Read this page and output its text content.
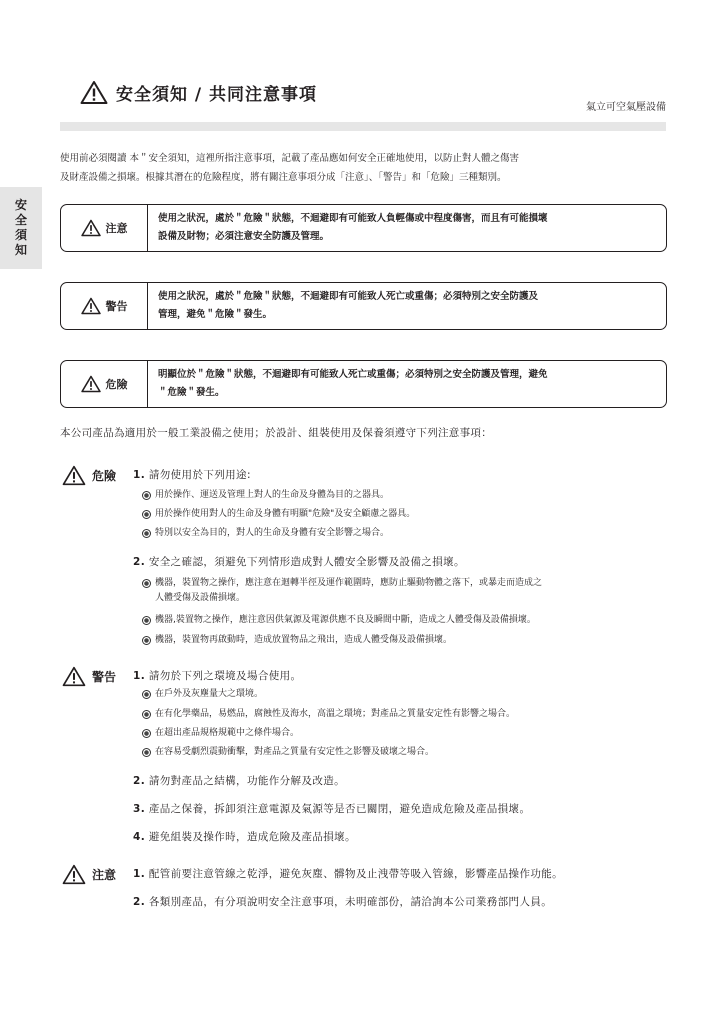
安全須知 / 共同注意事項
氣立可空氣壓設備
安
全
須
知
使用前必須閱讀 本＂安全須知，這裡所指注意事項，記載了產品應如何安全正確地使用，以防止對人體之傷害
及財產設備之損壞。根據其潛在的危險程度，將有關注意事項分成「注意」、「警告」和「危險」三種類別。
注意
使用之狀況，處於＂危險＂狀態，不迴避即有可能致人負輕傷或中程度傷害，而且有可能損壞
設備及財物；必須注意安全防護及管理。
警告
使用之狀況，處於＂危險＂狀態，不迴避即有可能致人死亡或重傷；必須特別之安全防護及
管理，避免＂危險＂發生。
危險
明顯位於＂危險＂狀態，不迴避即有可能致人死亡或重傷；必須特別之安全防護及管理，避免
＂危險＂發生。
本公司產品為適用於一般工業設備之使用；於設計、組裝使用及保養須遵守下列注意事項：
危險 1. 請勿使用於下列用途:
用於操作、運送及管理上對人的生命及身體為目的之器具。
用於操作使用對人的生命及身體有明顯"危險"及安全顧慮之器具。
特別以安全為目的，對人的生命及身體有安全影響之場合。
2. 安全之確認，須避免下列情形造成對人體安全影響及設備之損壞。
機器，裝置物之操作，應注意在迴轉半徑及運作範圍時，應防止驅動物體之落下，或暴走而造成之
人體受傷及設備損壞。
機器,裝置物之操作，應注意因供氣源及電源供應不良及瞬間中斷，造成之人體受傷及設備損壞。
機器，裝置物再啟動時，造成放置物品之飛出，造成人體受傷及設備損壞。
警告 1. 請勿於下列之環境及場合使用。
在戶外及灰塵量大之環境。
在有化學藥品，易燃品，腐蝕性及海水，高溫之環境；對產品之質量安定性有影響之場合。
在超出產品規格規範中之條件場合。
在容易受劇烈震動衝擊，對產品之質量有安定性之影響及破壞之場合。
2. 請勿對產品之結構，功能作分解及改造。
3. 產品之保養，拆卸須注意電源及氣源等是否已關閉，避免造成危險及產品損壞。
4. 避免組裝及操作時，造成危險及產品損壞。
注意 1. 配管前要注意管線之乾淨，避免灰塵、髒物及止洩帶等吸入管線，影響產品操作功能。
2. 各類別產品，有分項說明安全注意事項，未明確部份，請洽詢本公司業務部門人員。
